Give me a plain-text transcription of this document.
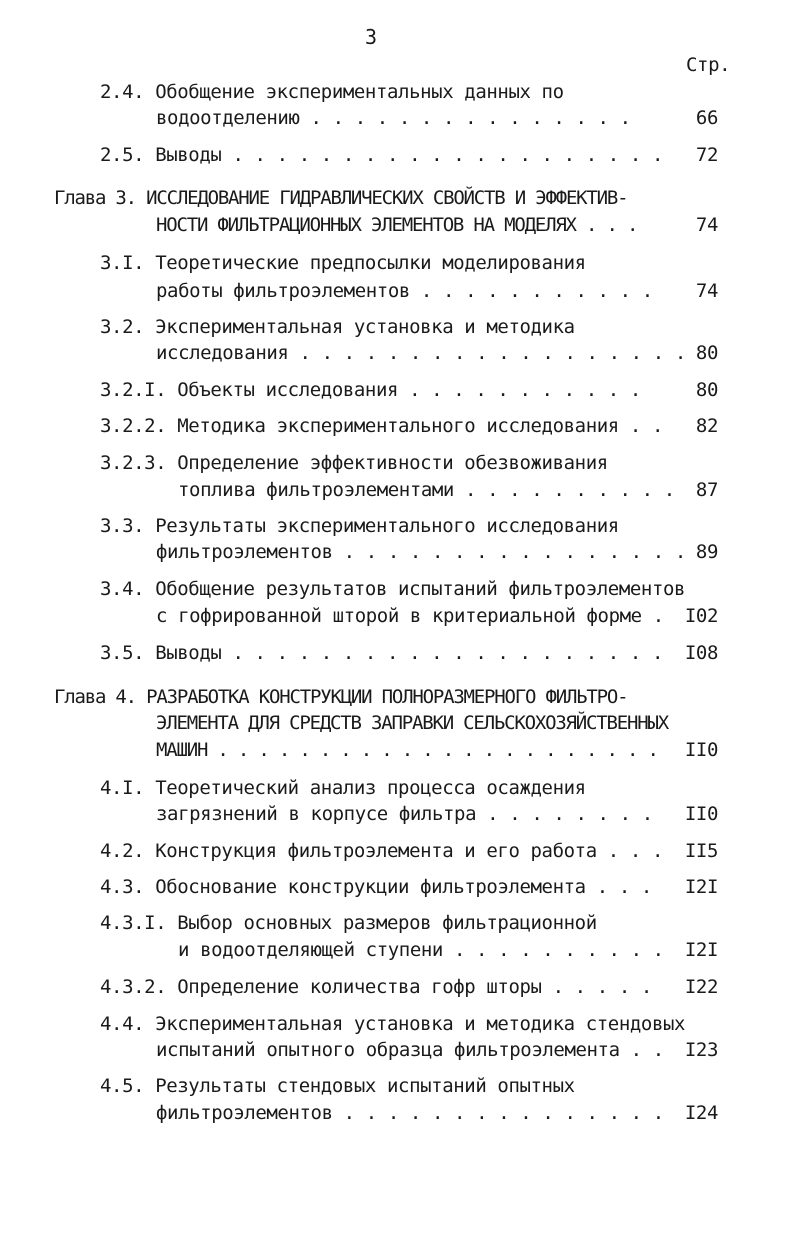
3
Стр.
2.4. Обобщение экспериментальных данных по
водоотделению . . . . . . . . . . . . . . .	66
2.5. Выводы . . . . . . . . . . . . . . . . . . . .	72
Глава 3. ИССЛЕДОВАНИЕ ГИДРАВЛИЧЕСКИХ СВОЙСТВ И ЭФФЕКТИВ-
НОСТИ ФИЛЬТРАЦИОННЫХ ЭЛЕМЕНТОВ НА МОДЕЛЯХ . . .	74
3.I. Теоретические предпосылки моделирования
работы фильтроэлементов . . . . . . . . . . .	74
3.2. Экспериментальная установка и методика
исследования . . . . . . . . . . . . . . . . . . 80
3.2.I. Объекты исследования . . . . . . . . . . .	80
3.2.2. Методика экспериментального исследования . .	82
3.2.3. Определение эффективности обезвоживания
топлива фильтроэлементами . . . . . . . . . .	87
3.3. Результаты экспериментального исследования
фильтроэлементов . . . . . . . . . . . . . . . . 89
3.4. Обобщение результатов испытаний фильтроэлементов
с гофрированной шторой в критериальной форме .	I02
3.5. Выводы . . . . . . . . . . . . . . . . . . . .	I08
Глава 4. РАЗРАБОТКА КОНСТРУКЦИИ ПОЛНОРАЗМЕРНОГО ФИЛЬТРО-
ЭЛЕМЕНТА ДЛЯ СРЕДСТВ ЗАПРАВКИ СЕЛЬСКОХОЗЯЙСТВЕННЫХ
МАШИН . . . . . . . . . . . . . . . . . . . . . .	II0
4.I. Теоретический анализ процесса осаждения
загрязнений в корпусе фильтра . . . . . . . .	II0
4.2. Конструкция фильтроэлемента и его работа . . .	II5
4.3. Обоснование конструкции фильтроэлемента . . .	I2I
4.3.I. Выбор основных размеров фильтрационной
и водоотделяющей ступени . . . . . . . . . .	I2I
4.3.2. Определение количества гофр шторы . . . . .	I22
4.4. Экспериментальная установка и методика стендовых
испытаний опытного образца фильтроэлемента . .	I23
4.5. Результаты стендовых испытаний опытных
фильтроэлементов . . . . . . . . . . . . . . .	I24
